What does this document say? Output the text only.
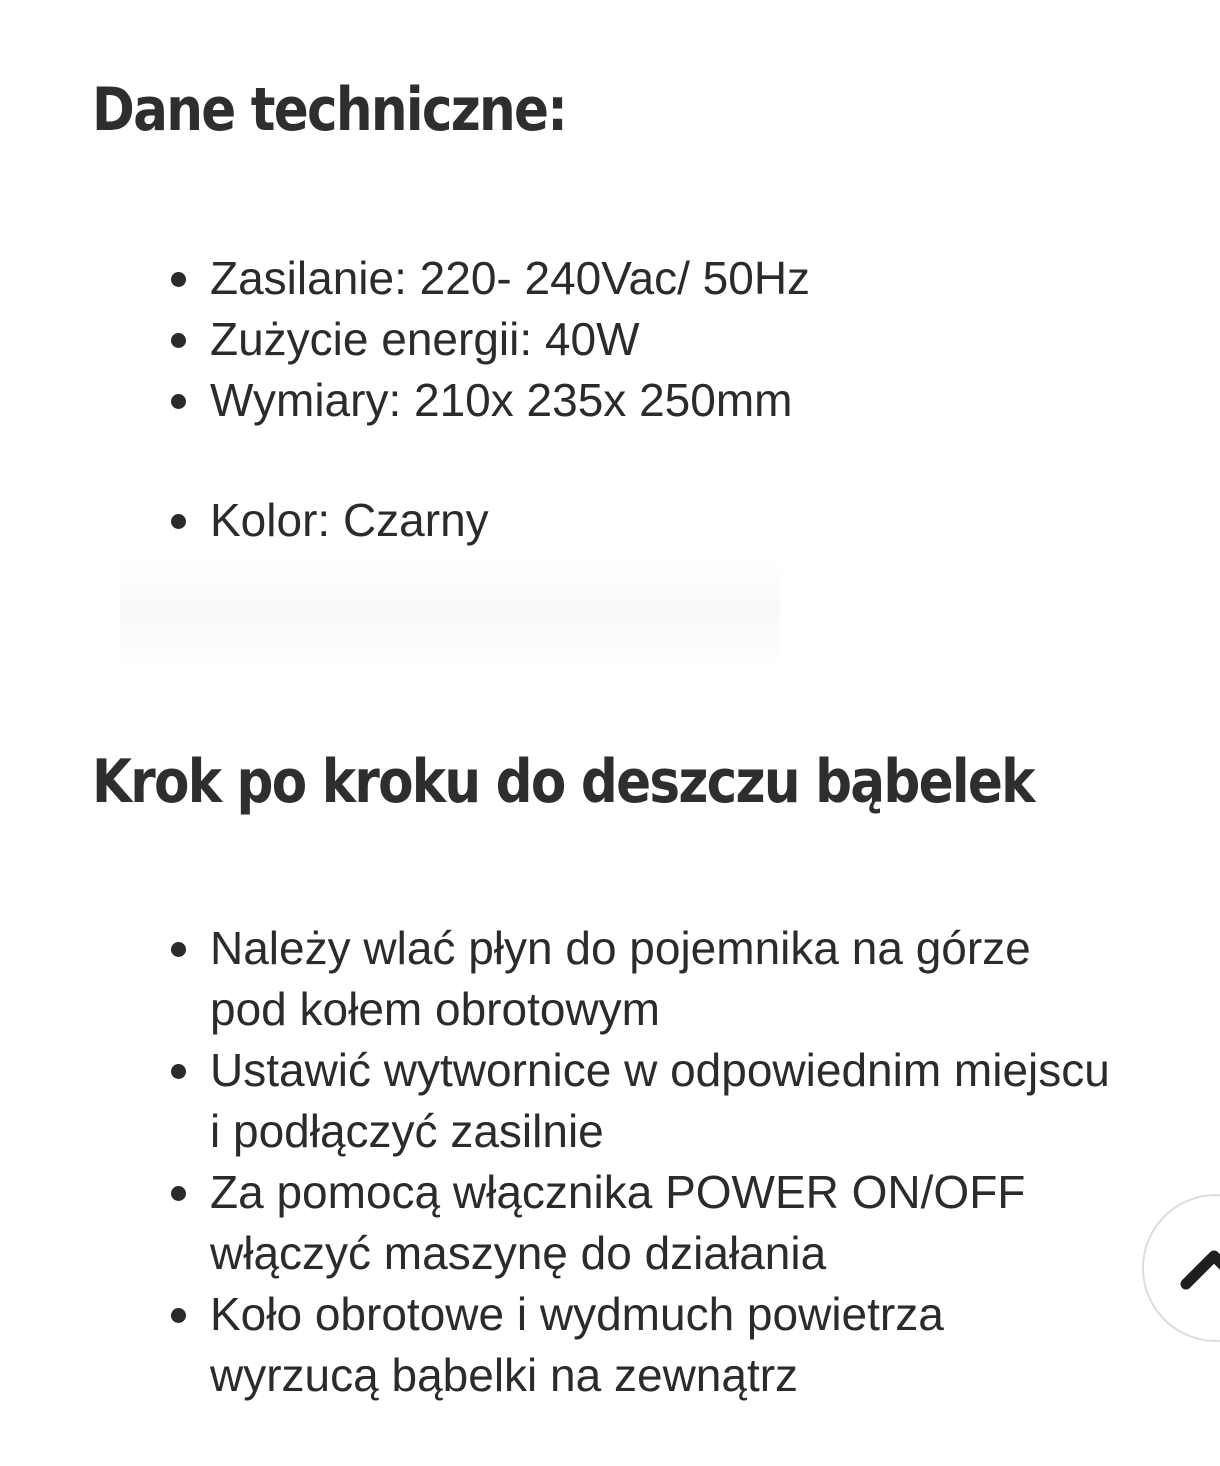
Dane techniczne:
Zasilanie: 220- 240Vac/ 50Hz
Zużycie energii: 40W
Wymiary: 210x 235x 250mm
Kolor: Czarny
Krok po kroku do deszczu bąbelek
Należy wlać płyn do pojemnika na górze pod kołem obrotowym
Ustawić wytwornice w odpowiednim miejscu i podłączyć zasilnie
Za pomocą włącznika POWER ON/OFF włączyć maszynę do działania
Koło obrotowe i wydmuch powietrza wyrzucą bąbelki na zewnątrz
